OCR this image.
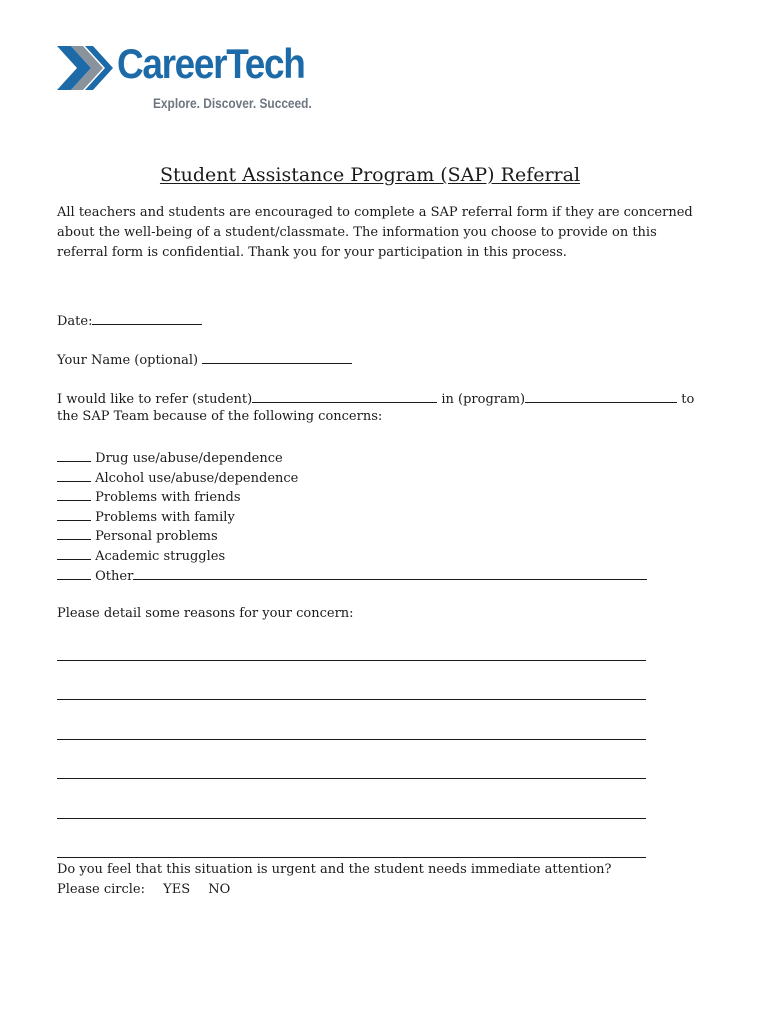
CareerTech
Explore. Discover. Succeed.
Student Assistance Program (SAP) Referral
All teachers and students are encouraged to complete a SAP referral form if they are concerned about the well-being of a student/classmate. The information you choose to provide on this referral form is confidential. Thank you for your participation in this process.
Date:
Your Name (optional)
I would like to refer (student)	in (program)	to
the SAP Team because of the following concerns:
Drug use/abuse/dependence
Alcohol use/abuse/dependence
Problems with friends
Problems with family
Personal problems
Academic struggles
Other
Please detail some reasons for your concern:
Do you feel that this situation is urgent and the student needs immediate attention?
Please circle: YES NO
